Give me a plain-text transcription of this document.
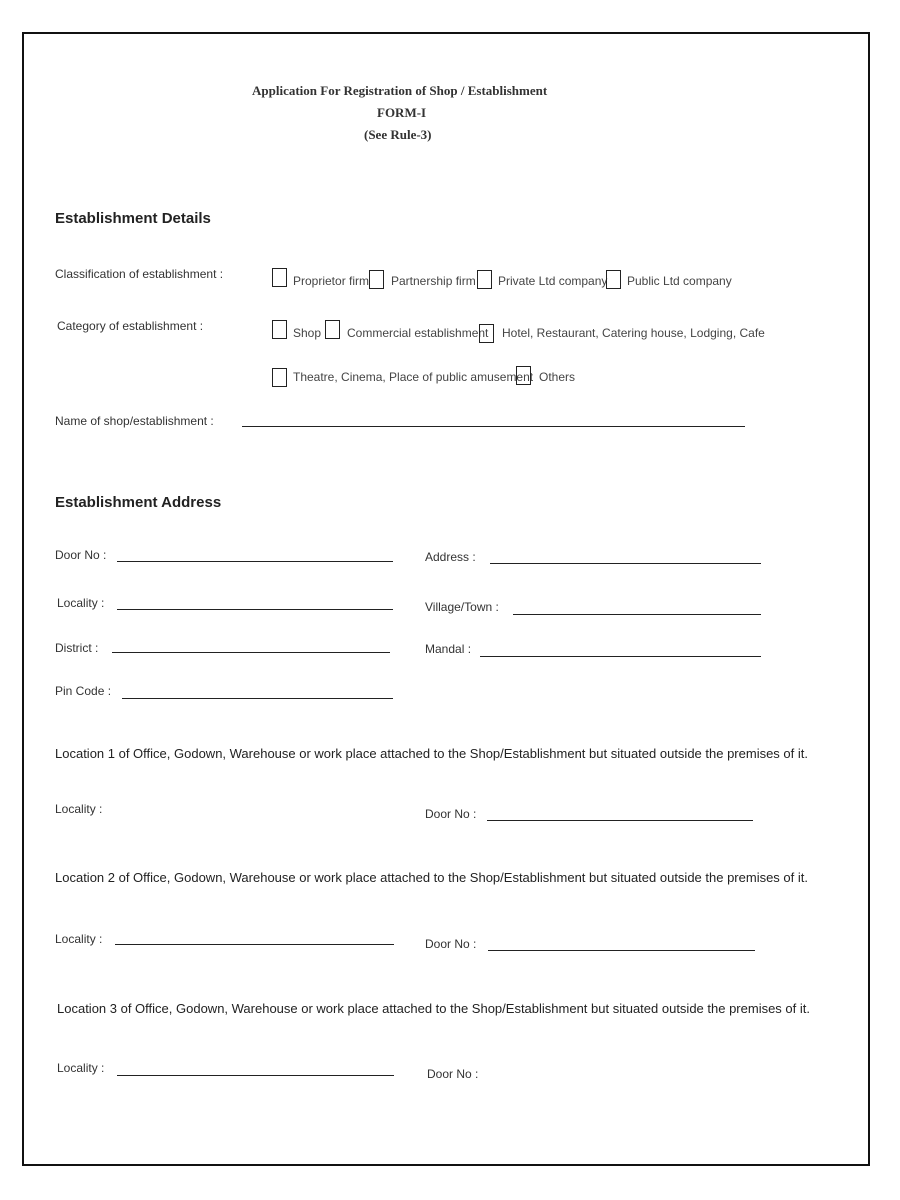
Application For Registration of Shop / Establishment
FORM-I
(See Rule-3)
Establishment Details
Classification of establishment :	Proprietor firm Partnership firm Private Ltd company Public Ltd company
Category of establishment :	Shop Commercial establishment Hotel, Restaurant, Catering house, Lodging, Cafe
Theatre, Cinema, Place of public amusement Others
Name of shop/establishment :
Establishment Address
Door No :	Address :
Locality :	Village/Town :
District :	Mandal :
Pin Code :
Location 1 of Office, Godown, Warehouse or work place attached to the Shop/Establishment but situated outside the premises of it.
Locality :	Door No :
Location 2 of Office, Godown, Warehouse or work place attached to the Shop/Establishment but situated outside the premises of it.
Locality :	Door No :
Location 3 of Office, Godown, Warehouse or work place attached to the Shop/Establishment but situated outside the premises of it.
Locality :	Door No :
